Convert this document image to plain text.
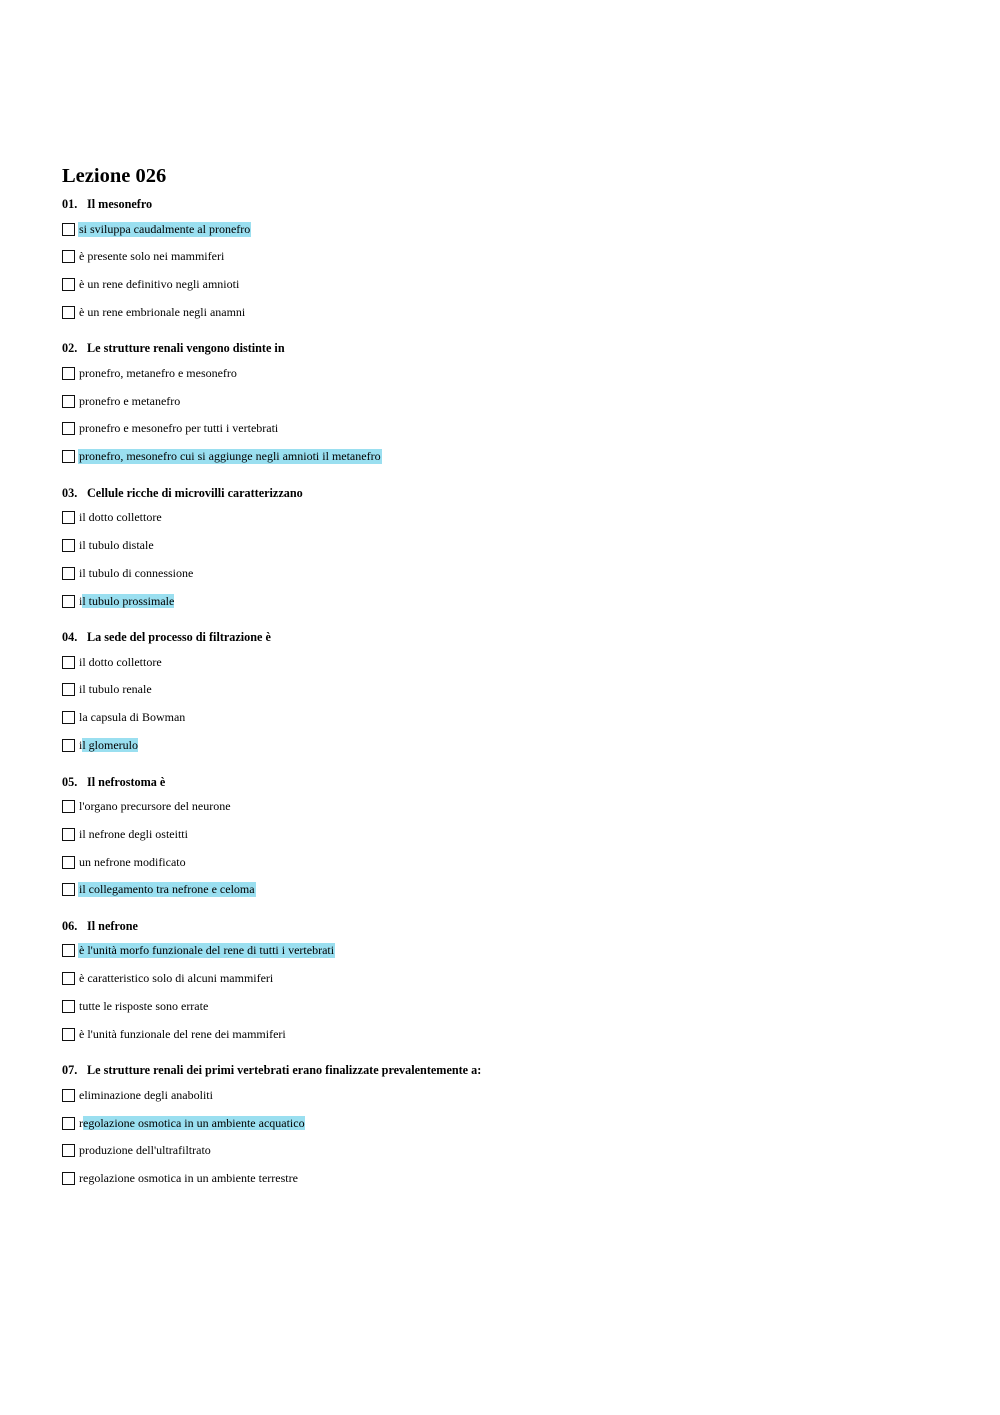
Lezione 026
01. Il mesonefro
si sviluppa caudalmente al pronefro
è presente solo nei mammiferi
è un rene definitivo negli amnioti
è un rene embrionale negli anamni
02. Le strutture renali vengono distinte in
pronefro, metanefro e mesonefro
pronefro e metanefro
pronefro e mesonefro per tutti i vertebrati
pronefro, mesonefro cui si aggiunge negli amnioti il metanefro
03. Cellule ricche di microvilli caratterizzano
il dotto collettore
il tubulo distale
il tubulo di connessione
il tubulo prossimale
04. La sede del processo di filtrazione è
il dotto collettore
il tubulo renale
la capsula di Bowman
il glomerulo
05. Il nefrostoma è
l'organo precursore del neurone
il nefrone degli osteitti
un nefrone modificato
il collegamento tra nefrone e celoma
06. Il nefrone
è l'unità morfo funzionale del rene di tutti i vertebrati
è caratteristico solo di alcuni mammiferi
tutte le risposte sono errate
è l'unità funzionale del rene dei mammiferi
07. Le strutture renali dei primi vertebrati erano finalizzate prevalentemente a:
eliminazione degli anaboliti
regolazione osmotica in un ambiente acquatico
produzione dell'ultrafiltrato
regolazione osmotica in un ambiente terrestre
